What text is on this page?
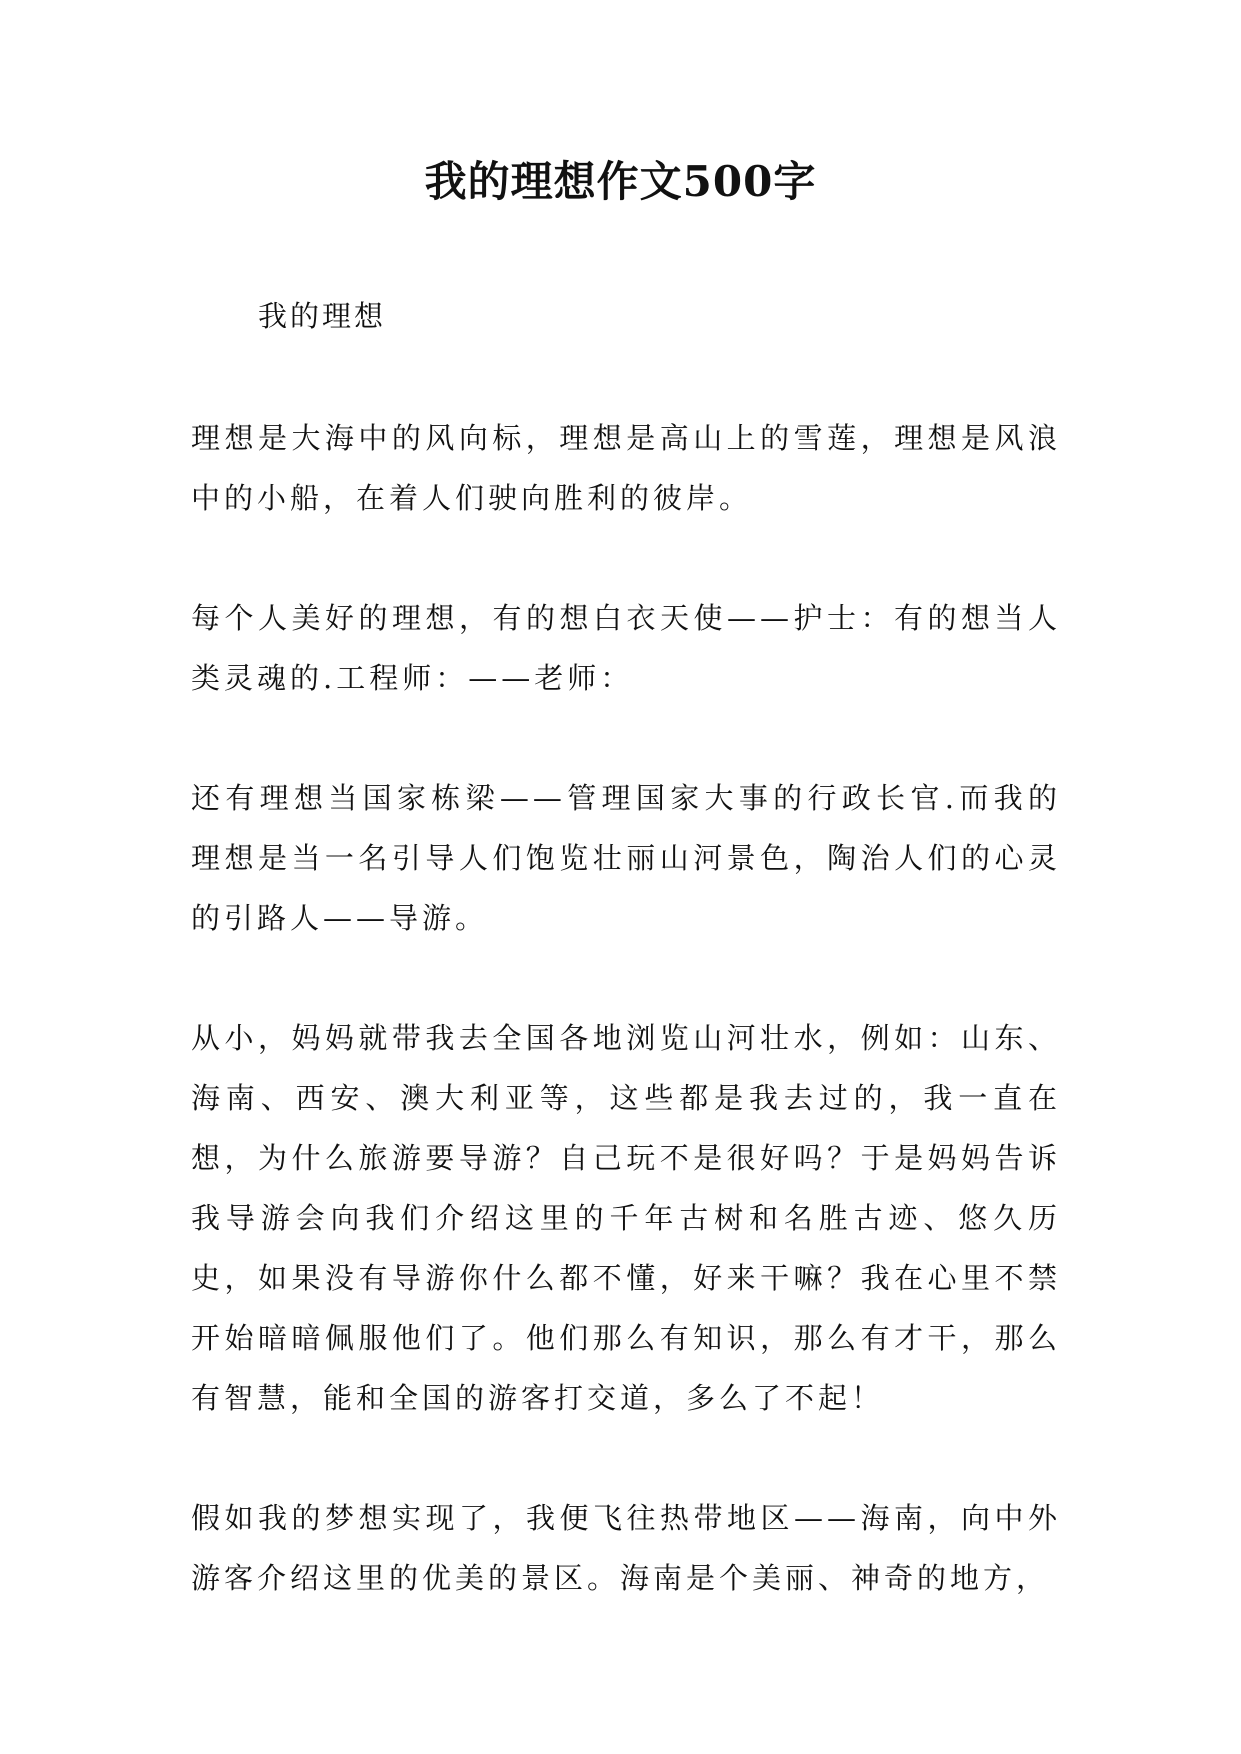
我的理想作文500字

我的理想

理想是大海中的风向标，理想是高山上的雪莲，理想是风浪中的小船，在着人们驶向胜利的彼岸。

每个人美好的理想，有的想白衣天使——护士：有的想当人类灵魂的.工程师：——老师：

还有理想当国家栋梁——管理国家大事的行政长官.而我的理想是当一名引导人们饱览壮丽山河景色，陶治人们的心灵的引路人——导游。

从小，妈妈就带我去全国各地浏览山河壮水，例如：山东、海南、西安、澳大利亚等，这些都是我去过的，我一直在想，为什么旅游要导游？自己玩不是很好吗？于是妈妈告诉我导游会向我们介绍这里的千年古树和名胜古迹、悠久历史，如果没有导游你什么都不懂，好来干嘛？我在心里不禁开始暗暗佩服他们了。他们那么有知识，那么有才干，那么有智慧，能和全国的游客打交道，多么了不起！

假如我的梦想实现了，我便飞往热带地区——海南，向中外游客介绍这里的优美的景区。海南是个美丽、神奇的地方，
